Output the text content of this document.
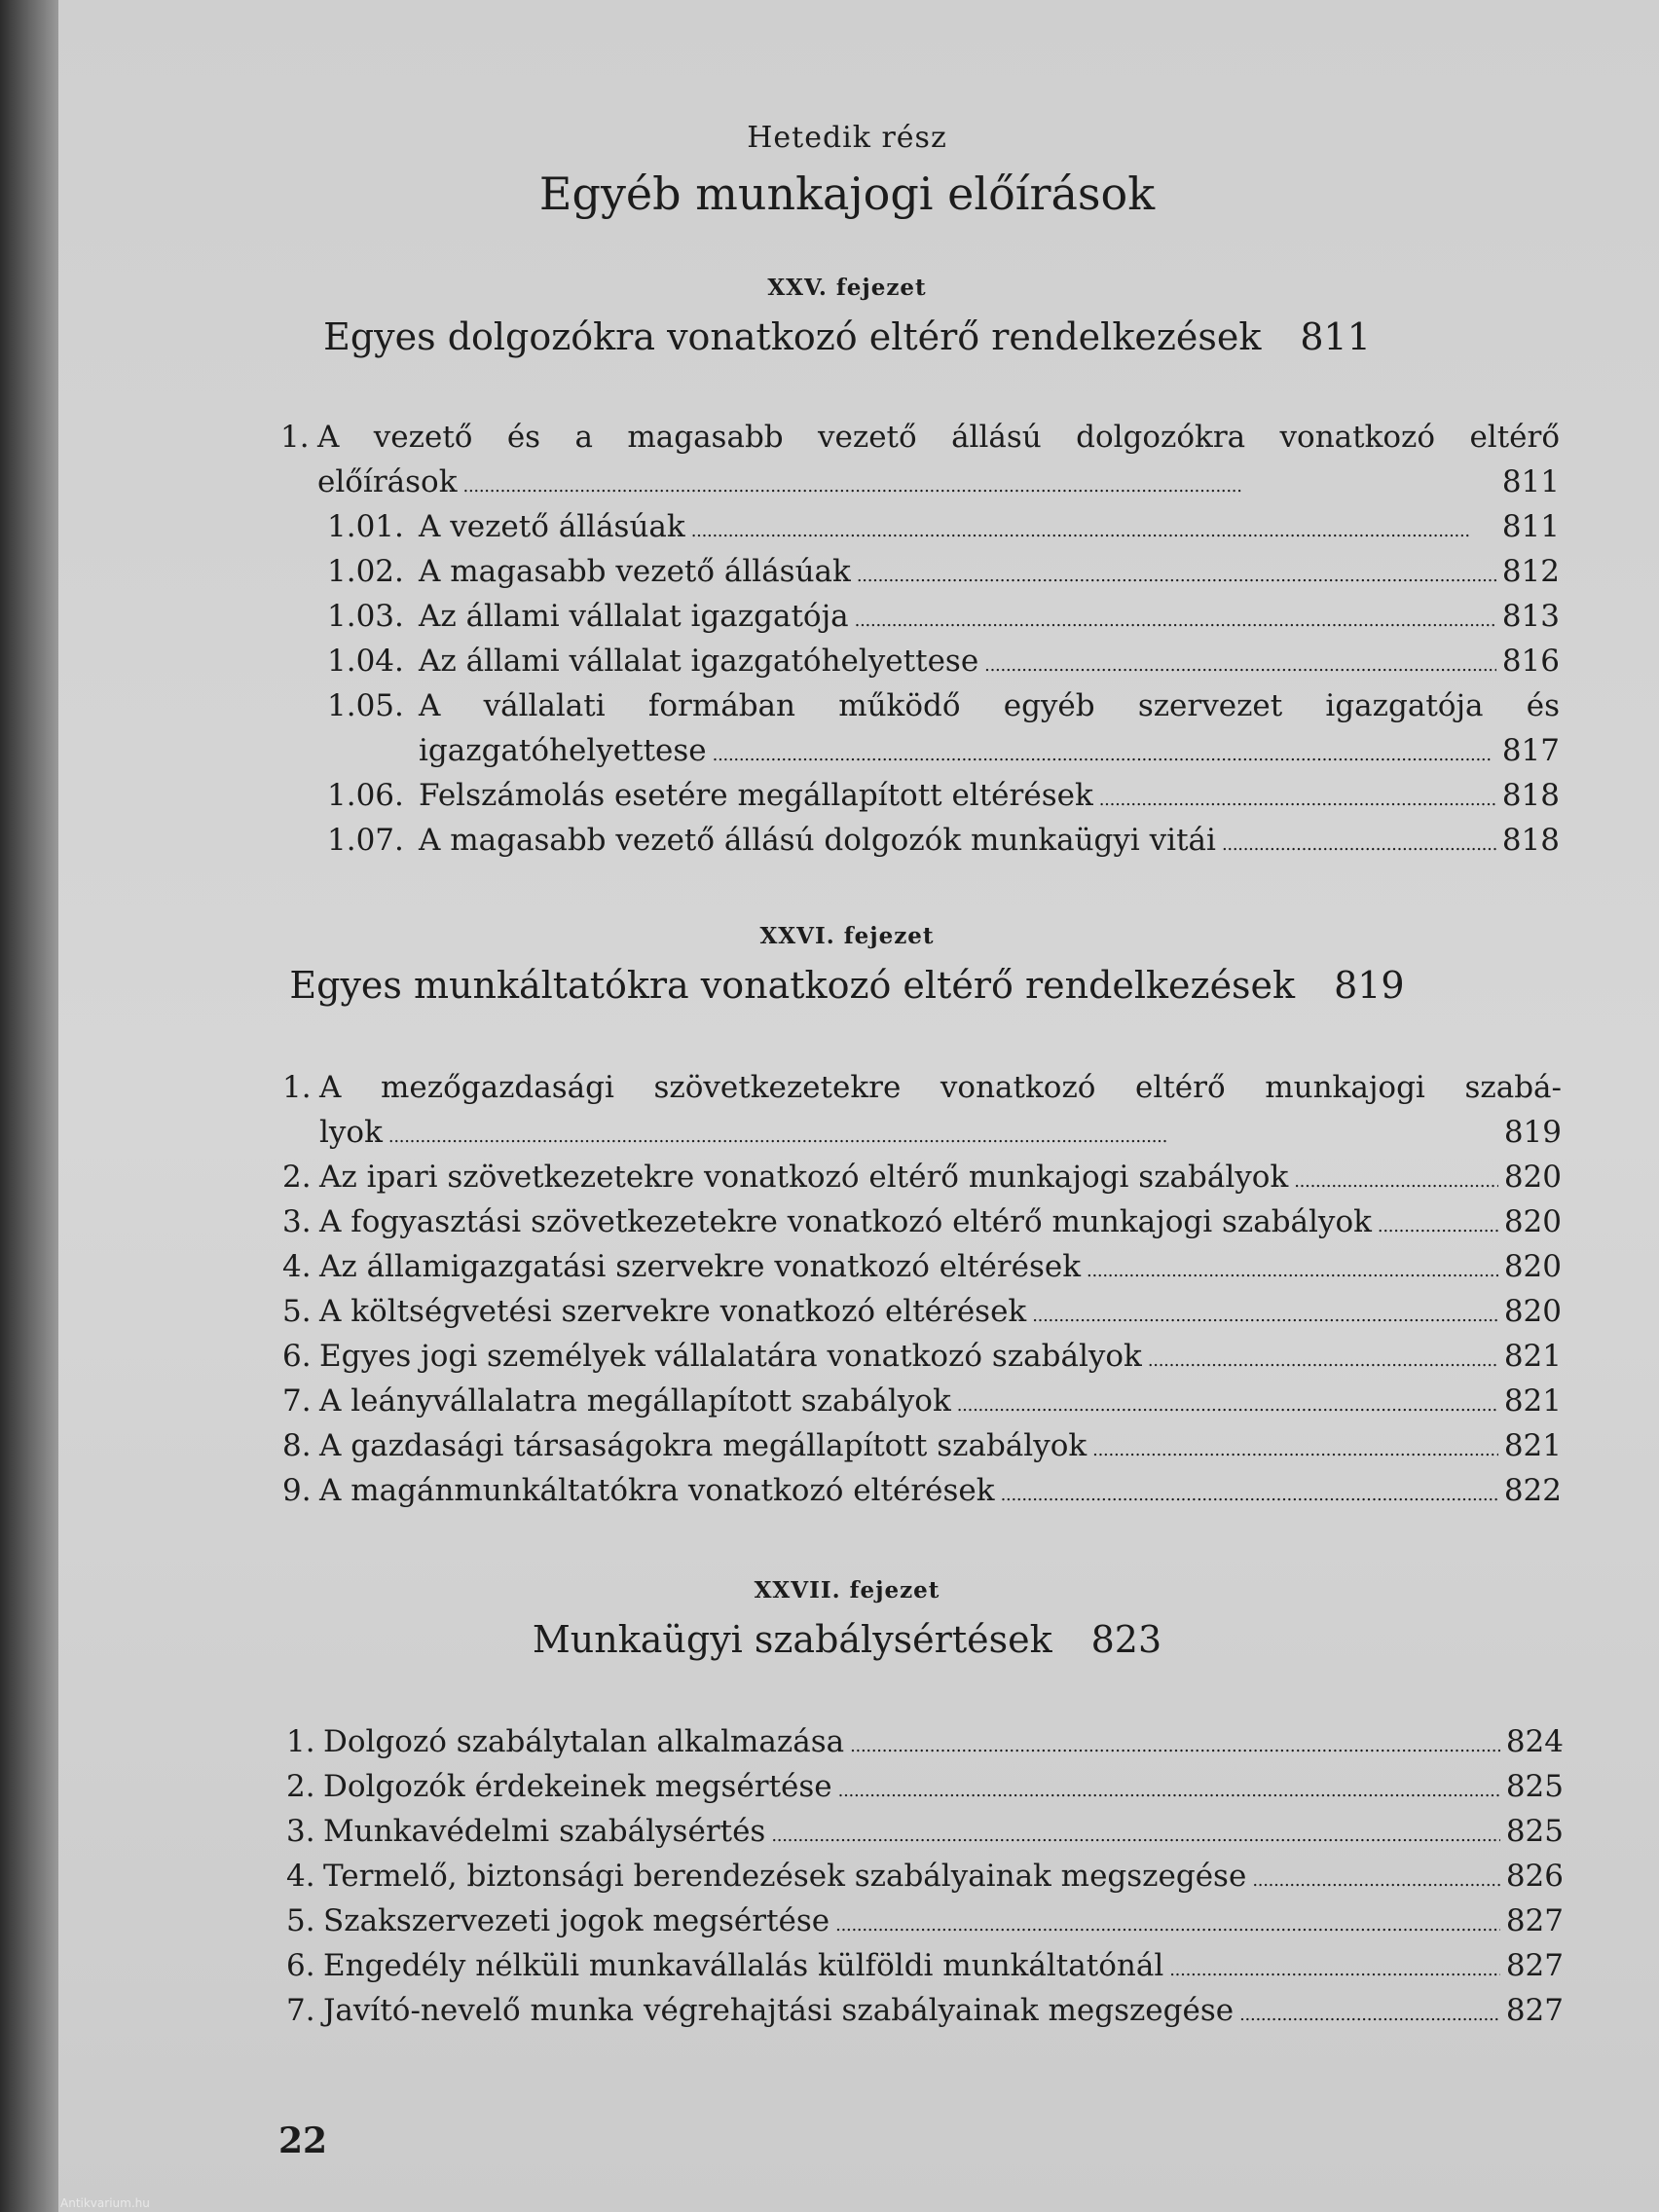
Hetedik rész
Egyéb munkajogi előírások
XXV. fejezet
Egyes dolgozókra vonatkozó eltérő rendelkezések 811
1. A vezető és a magasabb vezető állású dolgozókra vonatkozó eltérő
előírások . . .	811
1.01. A vezető állásúak . . .	811
1.02. A magasabb vezető állásúak . . .	812
1.03. Az állami vállalat igazgatója . . .	813
1.04. Az állami vállalat igazgatóhelyettese . . .	816
1.05. A vállalati formában működő egyéb szervezet igazgatója és
igazgatóhelyettese . . .	817
1.06. Felszámolás esetére megállapított eltérések . . .	818
1.07. A magasabb vezető állású dolgozók munkaügyi vitái . . .	818
XXVI. fejezet
Egyes munkáltatókra vonatkozó eltérő rendelkezések 819
1. A mezőgazdasági szövetkezetekre vonatkozó eltérő munkajogi szabá-
lyok . . .	819
2. Az ipari szövetkezetekre vonatkozó eltérő munkajogi szabályok . . .	820
3. A fogyasztási szövetkezetekre vonatkozó eltérő munkajogi szabályok . . .	820
4. Az államigazgatási szervekre vonatkozó eltérések . . .	820
5. A költségvetési szervekre vonatkozó eltérések . . .	820
6. Egyes jogi személyek vállalatára vonatkozó szabályok . . .	821
7. A leányvállalatra megállapított szabályok . . .	821
8. A gazdasági társaságokra megállapított szabályok . . .	821
9. A magánmunkáltatókra vonatkozó eltérések . . .	822
XXVII. fejezet
Munkaügyi szabálysértések 823
1. Dolgozó szabálytalan alkalmazása . . .	824
2. Dolgozók érdekeinek megsértése . . .	825
3. Munkavédelmi szabálysértés . . .	825
4. Termelő, biztonsági berendezések szabályainak megszegése . . .	826
5. Szakszervezeti jogok megsértése . . .	827
6. Engedély nélküli munkavállalás külföldi munkáltatónál . . .	827
7. Javító-nevelő munka végrehajtási szabályainak megszegése . . .	827
22
Antikvarium.hu
